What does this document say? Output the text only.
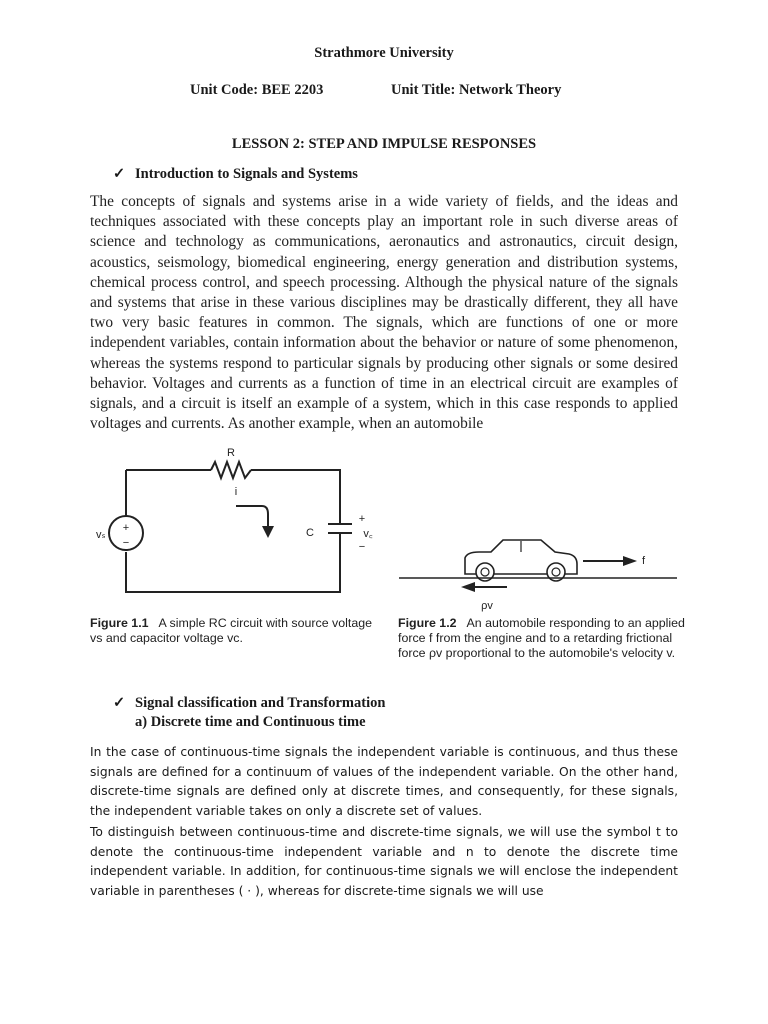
Strathmore University
Unit Code: BEE 2203	Unit Title: Network Theory
LESSON 2: STEP AND IMPULSE RESPONSES
✓ Introduction to Signals and Systems
The concepts of signals and systems arise in a wide variety of fields, and the ideas and techniques associated with these concepts play an important role in such diverse areas of science and technology as communications, aeronautics and astronautics, circuit design, acoustics, seismology, biomedical engineering, energy generation and distribution systems, chemical process control, and speech processing. Although the physical nature of the signals and systems that arise in these various disciplines may be drastically different, they all have two very basic features in common. The signals, which are functions of one or more independent variables, contain information about the behavior or nature of some phenomenon, whereas the systems respond to particular signals by producing other signals or some desired behavior. Voltages and currents as a function of time in an electrical circuit are examples of signals, and a circuit is itself an example of a system, which in this case responds to applied voltages and currents. As another example, when an automobile
R
i
C
vₛ
+
−
+
v꜀
−
f
ρv
Figure 1.1 A simple RC circuit with source voltage vs and capacitor voltage vc.
Figure 1.2 An automobile responding to an applied force f from the engine and to a retarding frictional force ρv proportional to the automobile's velocity v.
✓ Signal classification and Transformation
a) Discrete time and Continuous time
In the case of continuous-time signals the independent variable is continuous, and thus these signals are defined for a continuum of values of the independent variable. On the other hand, discrete-time signals are defined only at discrete times, and consequently, for these signals, the independent variable takes on only a discrete set of values.
To distinguish between continuous-time and discrete-time signals, we will use the symbol t to denote the continuous-time independent variable and n to denote the discrete time independent variable. In addition, for continuous-time signals we will enclose the independent variable in parentheses ( · ), whereas for discrete-time signals we will use
